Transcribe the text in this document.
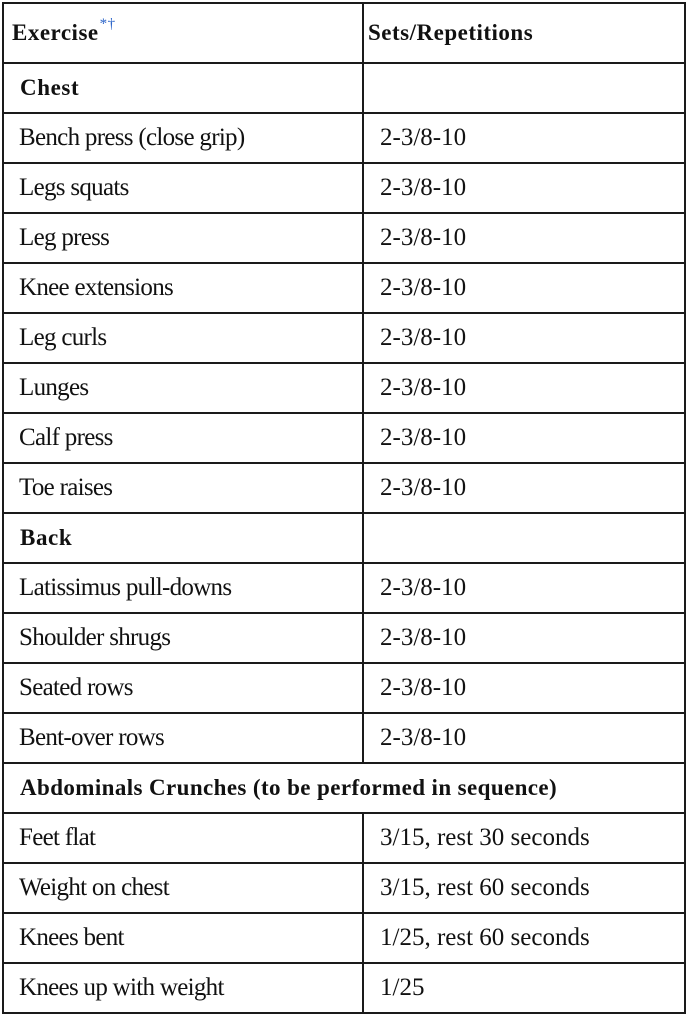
Exercise*†	Sets/Repetitions
Chest	
Bench press (close grip)	2-3/8-10
Legs squats	2-3/8-10
Leg press	2-3/8-10
Knee extensions	2-3/8-10
Leg curls	2-3/8-10
Lunges	2-3/8-10
Calf press	2-3/8-10
Toe raises	2-3/8-10
Back	
Latissimus pull-downs	2-3/8-10
Shoulder shrugs	2-3/8-10
Seated rows	2-3/8-10
Bent-over rows	2-3/8-10
Abdominals Crunches (to be performed in sequence)	
Feet flat	3/15, rest 30 seconds
Weight on chest	3/15, rest 60 seconds
Knees bent	1/25, rest 60 seconds
Knees up with weight	1/25
